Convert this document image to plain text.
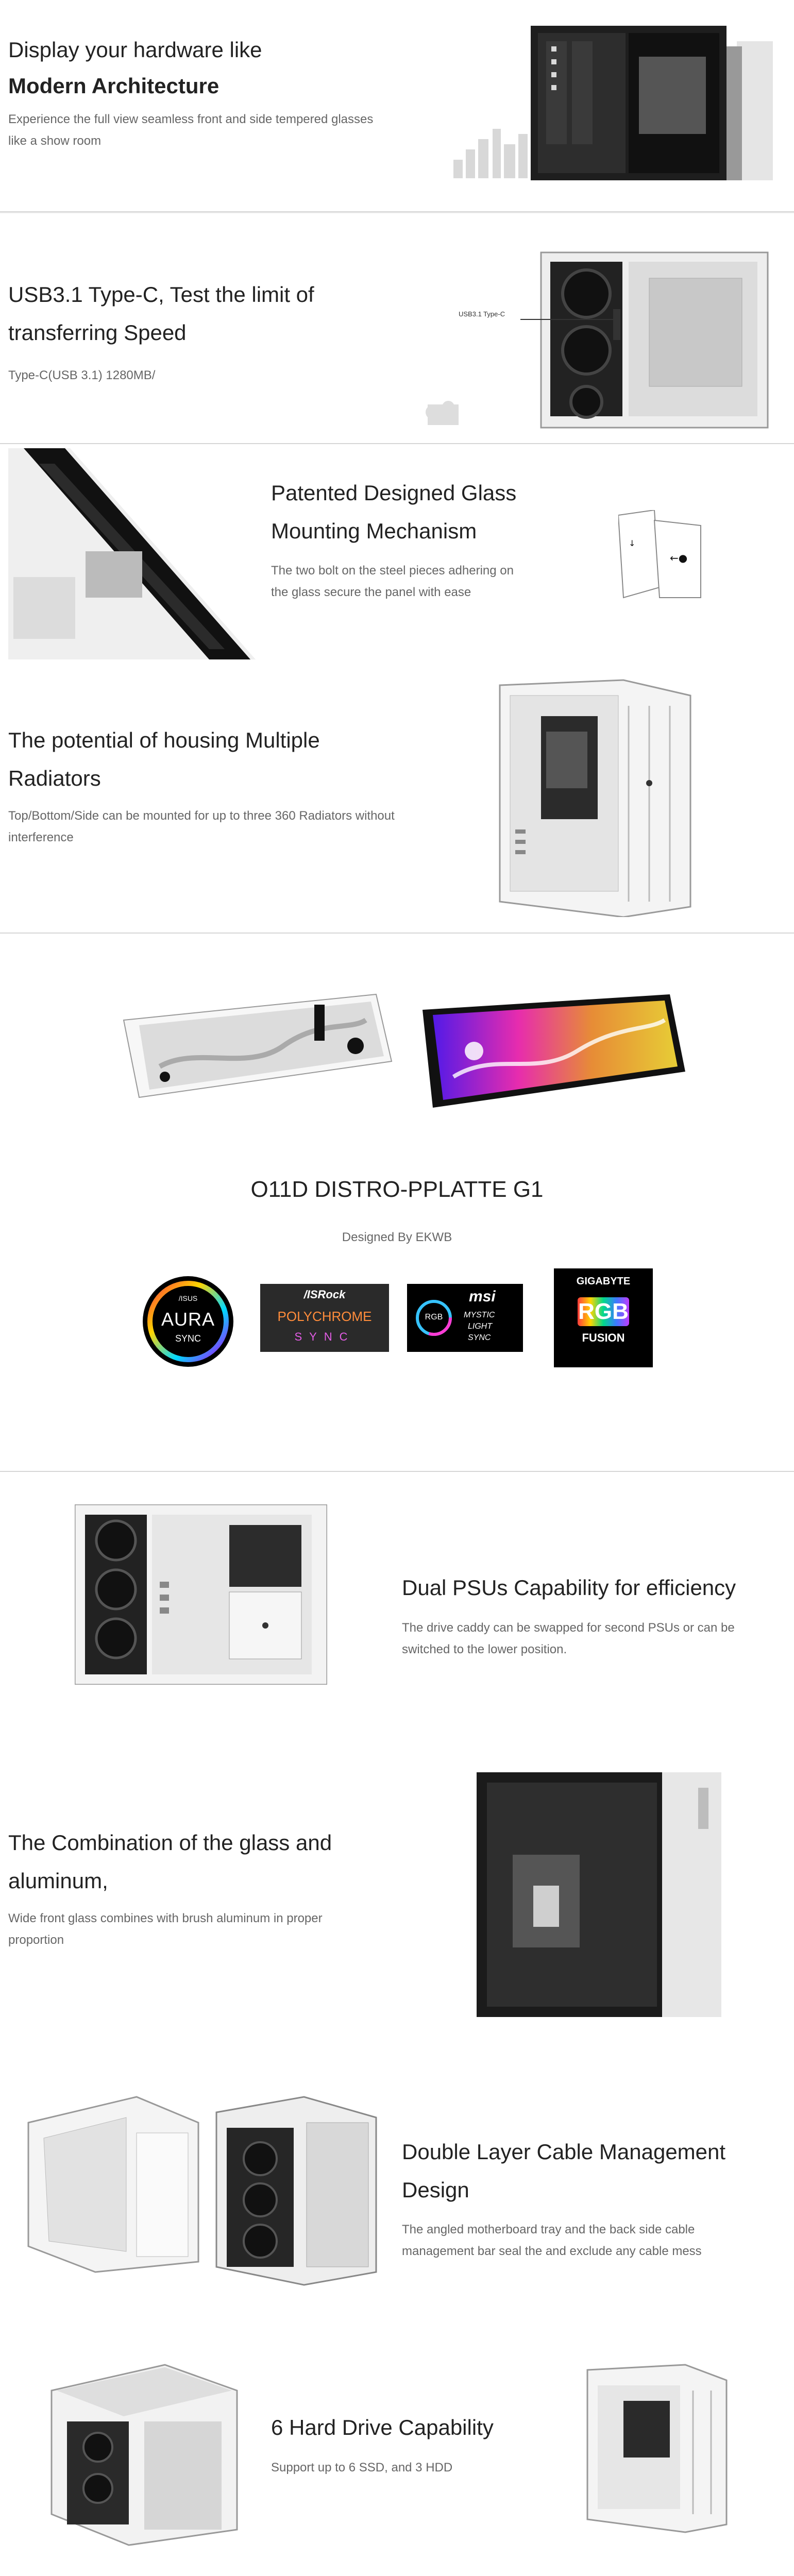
Display your hardware like

Modern Architecture

Experience the full view seamless front and side tempered glasses like a show room

USB3.1 Type-C, Test the limit of transferring Speed

Type-C(USB 3.1) 1280MB/

USB3.1 Type-C

Patented Designed Glass Mounting Mechanism

The two bolt on the steel pieces adhering on the glass secure the panel with ease

↓
←●

The potential of housing Multiple Radiators

Top/Bottom/Side can be mounted for up to three 360 Radiators without interference

O11D DISTRO-PPLATTE G1

Designed By EKWB

/ISUS
AURA
SYNC
/ISRock
POLYCHROME
SYNC
RGB
msi
MYSTIC
LIGHT
SYNC
GIGABYTE
RGB
FUSION

Dual PSUs Capability for efficiency

The drive caddy can be swapped for second PSUs or can be switched to the lower position.

The Combination of the glass and aluminum,

Wide front glass combines with brush aluminum in proper proportion

Double Layer Cable Management Design

The angled motherboard tray and the back side cable management bar seal the and exclude any cable mess

6 Hard Drive Capability

Support up to 6 SSD, and 3 HDD
